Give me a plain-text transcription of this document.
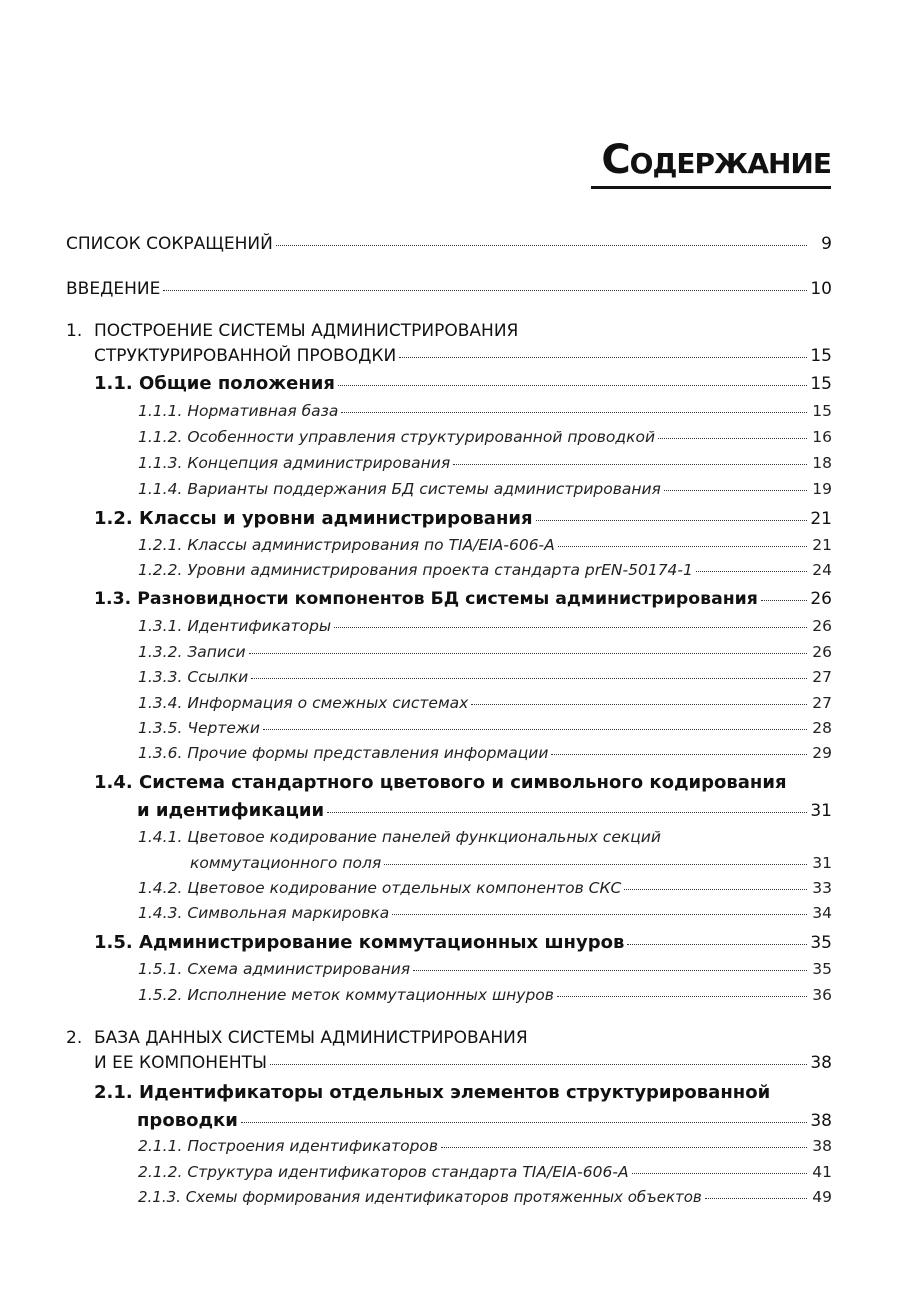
Содержание
СПИСОК СОКРАЩЕНИЙ	9
ВВЕДЕНИЕ	10
1. ПОСТРОЕНИЕ СИСТЕМЫ АДМИНИСТРИРОВАНИЯ
СТРУКТУРИРОВАННОЙ ПРОВОДКИ	15
1.1. Общие положения	15
1.1.1. Нормативная база	15
1.1.2. Особенности управления структурированной проводкой	16
1.1.3. Концепция администрирования	18
1.1.4. Варианты поддержания БД системы администрирования	19
1.2. Классы и уровни администрирования	21
1.2.1. Классы администрирования по TIA/EIA-606-A	21
1.2.2. Уровни администрирования проекта стандарта prEN-50174-1	24
1.3. Разновидности компонентов БД системы администрирования	26
1.3.1. Идентификаторы	26
1.3.2. Записи	26
1.3.3. Ссылки	27
1.3.4. Информация о смежных системах	27
1.3.5. Чертежи	28
1.3.6. Прочие формы представления информации	29
1.4. Система стандартного цветового и символьного кодирования
и идентификации	31
1.4.1. Цветовое кодирование панелей функциональных секций
коммутационного поля	31
1.4.2. Цветовое кодирование отдельных компонентов СКС	33
1.4.3. Символьная маркировка	34
1.5. Администрирование коммутационных шнуров	35
1.5.1. Схема администрирования	35
1.5.2. Исполнение меток коммутационных шнуров	36
2. БАЗА ДАННЫХ СИСТЕМЫ АДМИНИСТРИРОВАНИЯ
И ЕЕ КОМПОНЕНТЫ	38
2.1. Идентификаторы отдельных элементов структурированной
проводки	38
2.1.1. Построения идентификаторов	38
2.1.2. Структура идентификаторов стандарта TIA/EIA-606-A	41
2.1.3. Схемы формирования идентификаторов протяженных объектов	49
